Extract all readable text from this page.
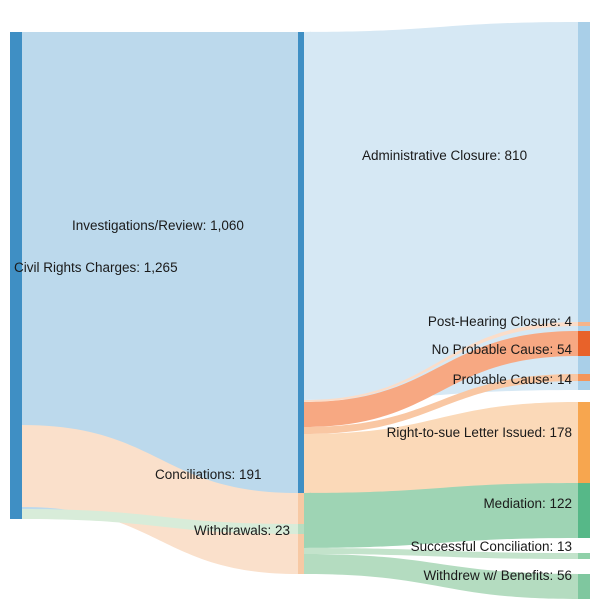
Civil Rights Charges: 1,265
Investigations/Review: 1,060
Administrative Closure: 810
Post-Hearing Closure: 4
No Probable Cause: 54
Probable Cause: 14
Right-to-sue Letter Issued: 178
Conciliations: 191
Mediation: 122
Successful Conciliation: 13
Withdrew w/ Benefits: 56
Withdrawals: 23
